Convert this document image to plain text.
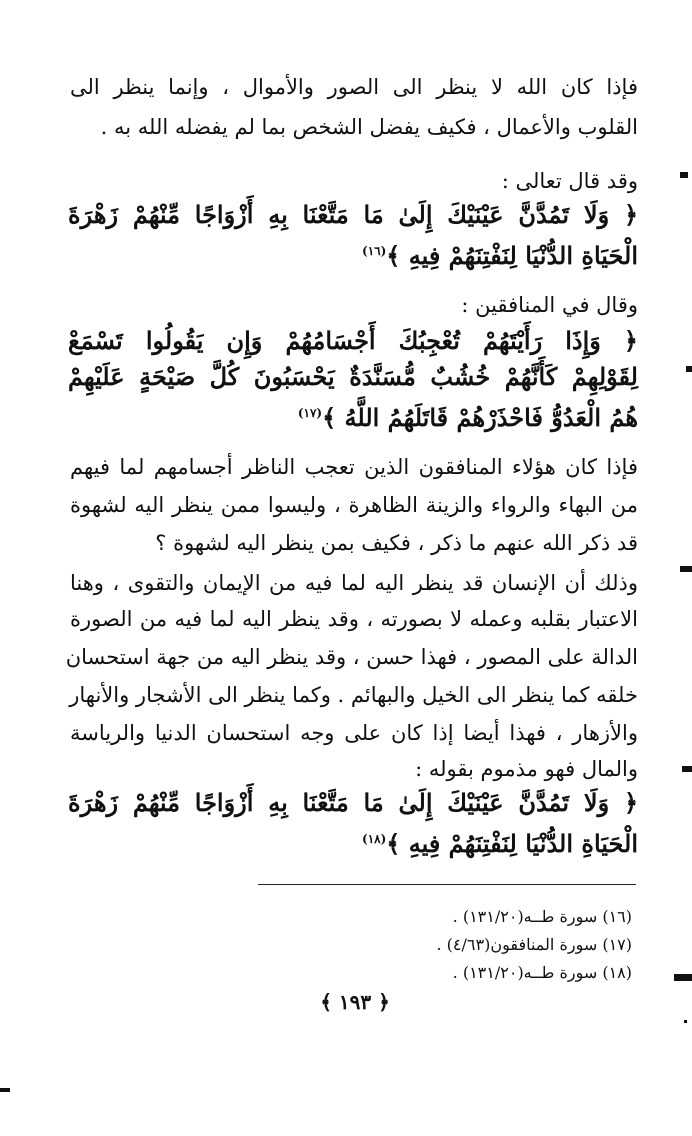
فإذا كان الله لا ينظر الى الصور والأموال ، وإنما ينظر الى
القلوب والأعمال ، فكيف يفضل الشخص بما لم يفضله الله به .
وقد قال تعالى :
﴿ وَلَا تَمُدَّنَّ عَيْنَيْكَ إِلَىٰ مَا مَتَّعْنَا بِهِ أَزْوَاجًا مِّنْهُمْ زَهْرَةَ
الْحَيَاةِ الدُّنْيَا لِنَفْتِنَهُمْ فِيهِ ﴾$^{(١٦)}$
وقال في المنافقين :
﴿ وَإِذَا رَأَيْتَهُمْ تُعْجِبُكَ أَجْسَامُهُمْ وَإِن يَقُولُوا تَسْمَعْ
لِقَوْلِهِمْ كَأَنَّهُمْ خُشُبٌ مُّسَنَّدَةٌ يَحْسَبُونَ كُلَّ صَيْحَةٍ عَلَيْهِمْ
هُمُ الْعَدُوُّ فَاحْذَرْهُمْ قَاتَلَهُمُ اللَّهُ ﴾$^{(١٧)}$
فإذا كان هؤلاء المنافقون الذين تعجب الناظر أجسامهم لما فيهم
من البهاء والرواء والزينة الظاهرة ، وليسوا ممن ينظر اليه لشهوة
قد ذكر الله عنهم ما ذكر ، فكيف بمن ينظر اليه لشهوة ؟
وذلك أن الإنسان قد ينظر اليه لما فيه من الإيمان والتقوى ، وهنا
الاعتبار بقلبه وعمله لا بصورته ، وقد ينظر اليه لما فيه من الصورة
الدالة على المصور ، فهذا حسن ، وقد ينظر اليه من جهة استحسان
خلقه كما ينظر الى الخيل والبهائم . وكما ينظر الى الأشجار والأنهار
والأزهار ، فهذا أيضا إذا كان على وجه استحسان الدنيا والرياسة
والمال فهو مذموم بقوله :
﴿ وَلَا تَمُدَّنَّ عَيْنَيْكَ إِلَىٰ مَا مَتَّعْنَا بِهِ أَزْوَاجًا مِّنْهُمْ زَهْرَةَ
الْحَيَاةِ الدُّنْيَا لِنَفْتِنَهُمْ فِيهِ ﴾$^{(١٨)}$
(١٦) سورة طــه(١٣١/٢٠) .
(١٧) سورة المنافقون(٤/٦٣) .
(١٨) سورة طــه(١٣١/٢٠) .
﴿ ١٩٣ ﴾
